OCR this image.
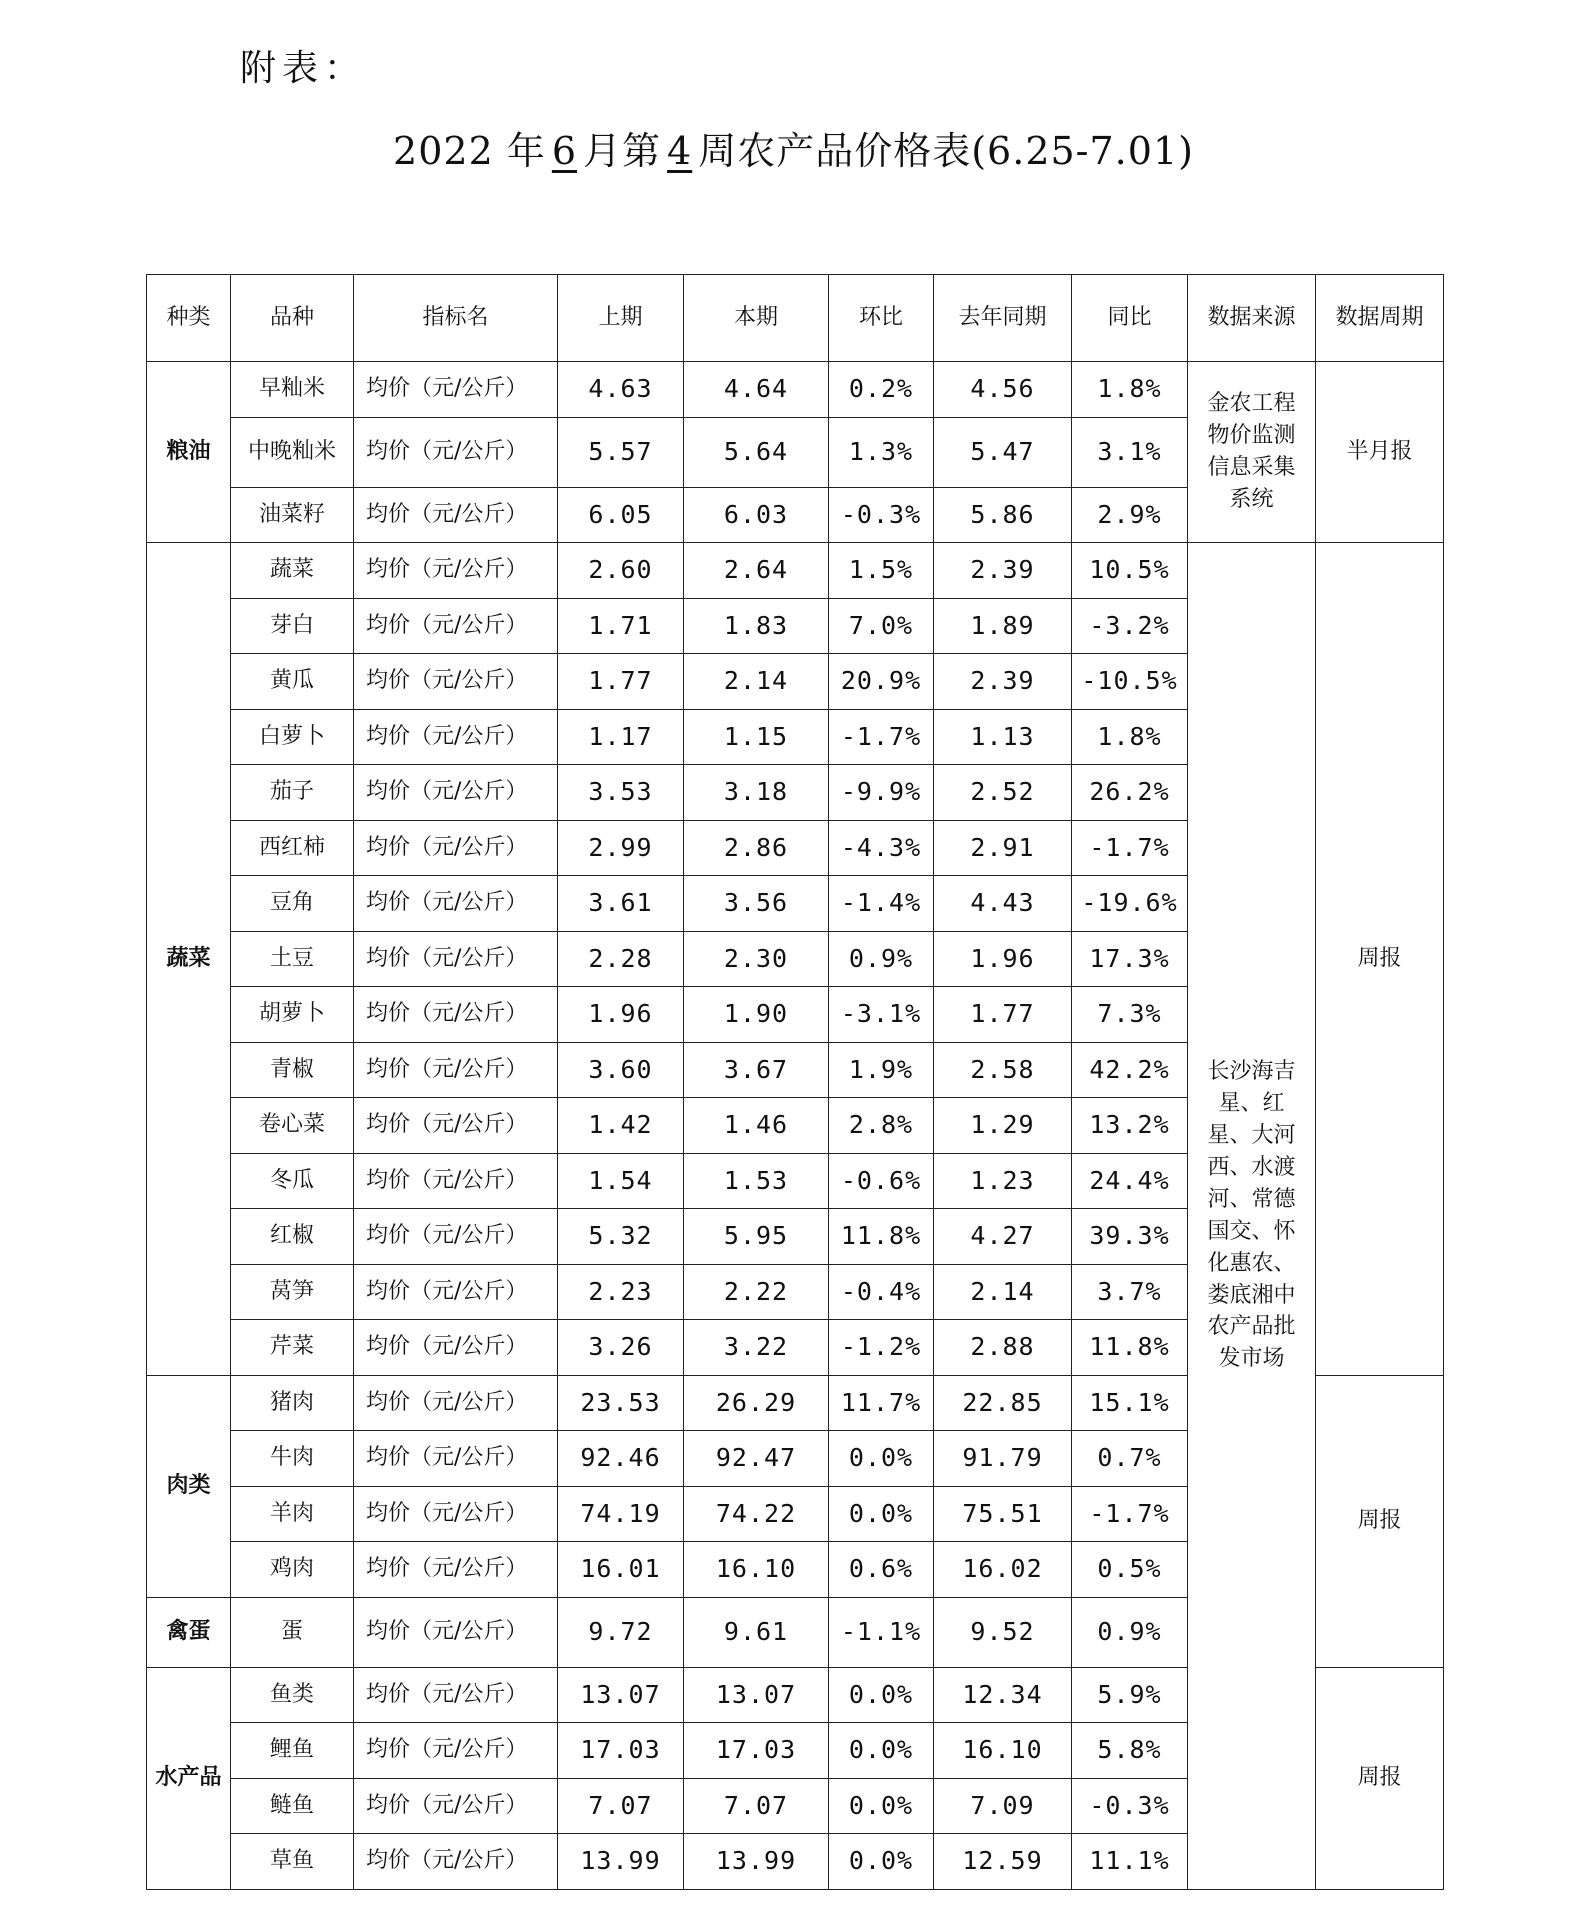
附表：
2022 年 6 月第 4 周农产品价格表(6.25-7.01)
种类	品种	指标名	上期	本期	环比	去年同期	同比	数据来源	数据周期
粮油	早籼米	均价（元/公斤）	4.63	4.64	0.2%	4.56	1.8%	金农工程物价监测信息采集系统	半月报
	中晚籼米	均价（元/公斤）	5.57	5.64	1.3%	5.47	3.1%		
	油菜籽	均价（元/公斤）	6.05	6.03	-0.3%	5.86	2.9%		
蔬菜	蔬菜	均价（元/公斤）	2.60	2.64	1.5%	2.39	10.5%	长沙海吉星、红星、大河西、水渡河、常德国交、怀化惠农、娄底湘中农产品批发市场	周报
	芽白	均价（元/公斤）	1.71	1.83	7.0%	1.89	-3.2%		
	黄瓜	均价（元/公斤）	1.77	2.14	20.9%	2.39	-10.5%		
	白萝卜	均价（元/公斤）	1.17	1.15	-1.7%	1.13	1.8%		
	茄子	均价（元/公斤）	3.53	3.18	-9.9%	2.52	26.2%		
	西红柿	均价（元/公斤）	2.99	2.86	-4.3%	2.91	-1.7%		
	豆角	均价（元/公斤）	3.61	3.56	-1.4%	4.43	-19.6%		
	土豆	均价（元/公斤）	2.28	2.30	0.9%	1.96	17.3%		
	胡萝卜	均价（元/公斤）	1.96	1.90	-3.1%	1.77	7.3%		
	青椒	均价（元/公斤）	3.60	3.67	1.9%	2.58	42.2%		
	卷心菜	均价（元/公斤）	1.42	1.46	2.8%	1.29	13.2%		
	冬瓜	均价（元/公斤）	1.54	1.53	-0.6%	1.23	24.4%		
	红椒	均价（元/公斤）	5.32	5.95	11.8%	4.27	39.3%		
	莴笋	均价（元/公斤）	2.23	2.22	-0.4%	2.14	3.7%		
	芹菜	均价（元/公斤）	3.26	3.22	-1.2%	2.88	11.8%		
肉类	猪肉	均价（元/公斤）	23.53	26.29	11.7%	22.85	15.1%		周报
	牛肉	均价（元/公斤）	92.46	92.47	0.0%	91.79	0.7%		
	羊肉	均价（元/公斤）	74.19	74.22	0.0%	75.51	-1.7%		
	鸡肉	均价（元/公斤）	16.01	16.10	0.6%	16.02	0.5%		
禽蛋	蛋	均价（元/公斤）	9.72	9.61	-1.1%	9.52	0.9%		
水产品	鱼类	均价（元/公斤）	13.07	13.07	0.0%	12.34	5.9%		周报
	鲤鱼	均价（元/公斤）	17.03	17.03	0.0%	16.10	5.8%		
	鲢鱼	均价（元/公斤）	7.07	7.07	0.0%	7.09	-0.3%		
	草鱼	均价（元/公斤）	13.99	13.99	0.0%	12.59	11.1%		
